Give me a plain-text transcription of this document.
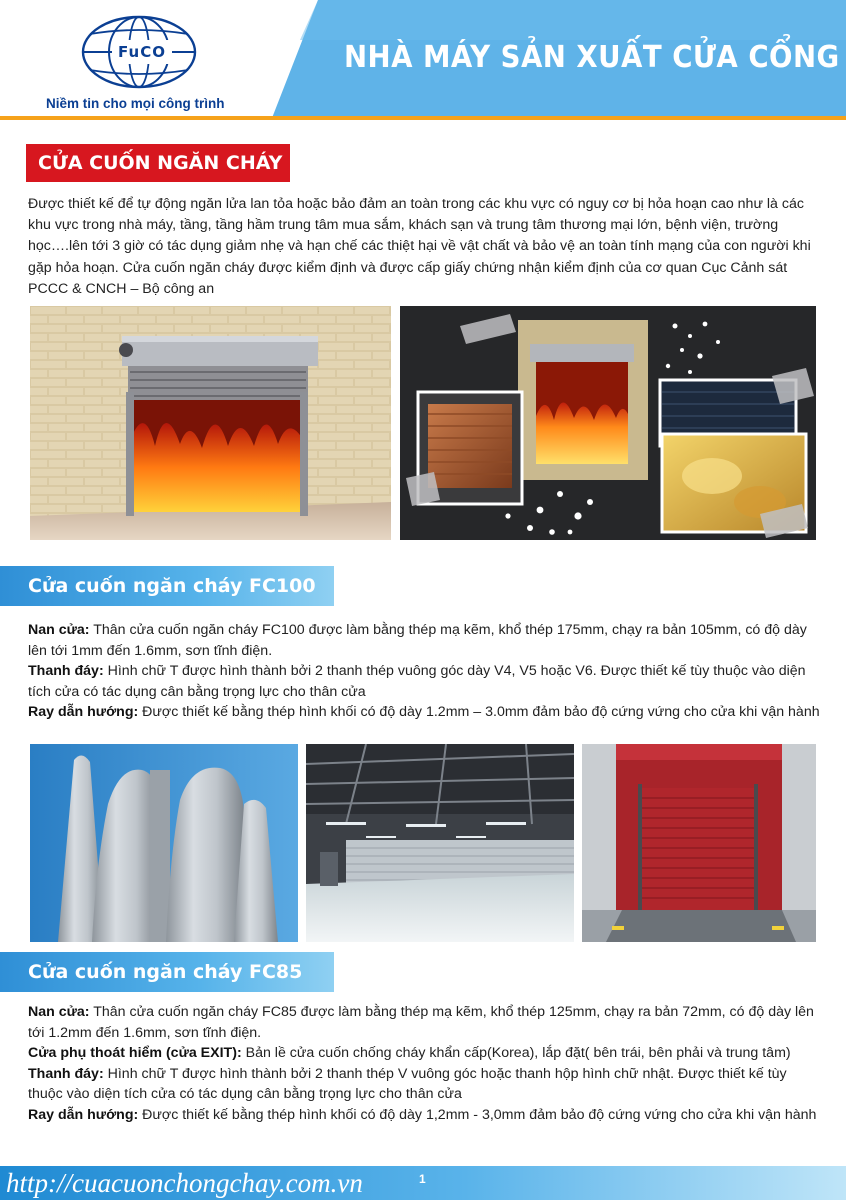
FuCO
Niềm tin cho mọi công trình
NHÀ MÁY SẢN XUẤT CỬA CỔNG
CỬA CUỐN NGĂN CHÁY
Được thiết kế để tự động ngăn lửa lan tỏa hoặc bảo đảm an toàn trong các khu vực có nguy cơ bị hỏa hoạn cao như là các khu vực trong nhà máy, tầng, tầng hầm trung tâm mua sắm, khách sạn và trung tâm thương mại lớn, bệnh viện, trường học….lên tới 3 giờ có tác dụng giảm nhẹ và hạn chế các thiệt hại về vật chất và bảo vệ an toàn tính mạng của con người khi gặp hỏa hoạn. Cửa cuốn ngăn cháy được kiểm định và được cấp giấy chứng nhận kiểm định của cơ quan Cục Cảnh sát PCCC & CNCH – Bộ công an
Cửa cuốn ngăn cháy FC100

Nan cửa: Thân cửa cuốn ngăn cháy FC100 được làm bằng thép mạ kẽm, khổ thép 175mm, chạy ra bản 105mm, có độ dày lên tới 1mm đến 1.6mm, sơn tĩnh điện.

Thanh đáy: Hình chữ T được hình thành bởi 2 thanh thép vuông góc dày V4, V5 hoặc V6. Được thiết kế tùy thuộc vào diện tích cửa có tác dụng cân bằng trọng lực cho thân cửa

Ray dẫn hướng: Được thiết kế bằng thép hình khối có độ dày 1.2mm – 3.0mm đảm bảo độ cứng vứng cho cửa khi vận hành

Cửa cuốn ngăn cháy FC85

Nan cửa: Thân cửa cuốn ngăn cháy FC85 được làm bằng thép mạ kẽm, khổ thép 125mm, chạy ra bản 72mm, có độ dày lên tới 1.2mm đến 1.6mm, sơn tĩnh điện.

Cửa phụ thoát hiểm (cửa EXIT): Bản lề cửa cuốn chống cháy khẩn cấp(Korea), lắp đặt( bên trái, bên phải và trung tâm)

Thanh đáy: Hình chữ T được hình thành bởi 2 thanh thép V vuông góc hoặc thanh hộp hình chữ nhật. Được thiết kế tùy thuộc vào diện tích cửa có tác dụng cân bằng trọng lực cho thân cửa

Ray dẫn hướng: Được thiết kế bằng thép hình khối có độ dày 1,2mm - 3,0mm đảm bảo độ cứng vứng cho cửa khi vận hành

http://cuacuonchongchay.com.vn	1
